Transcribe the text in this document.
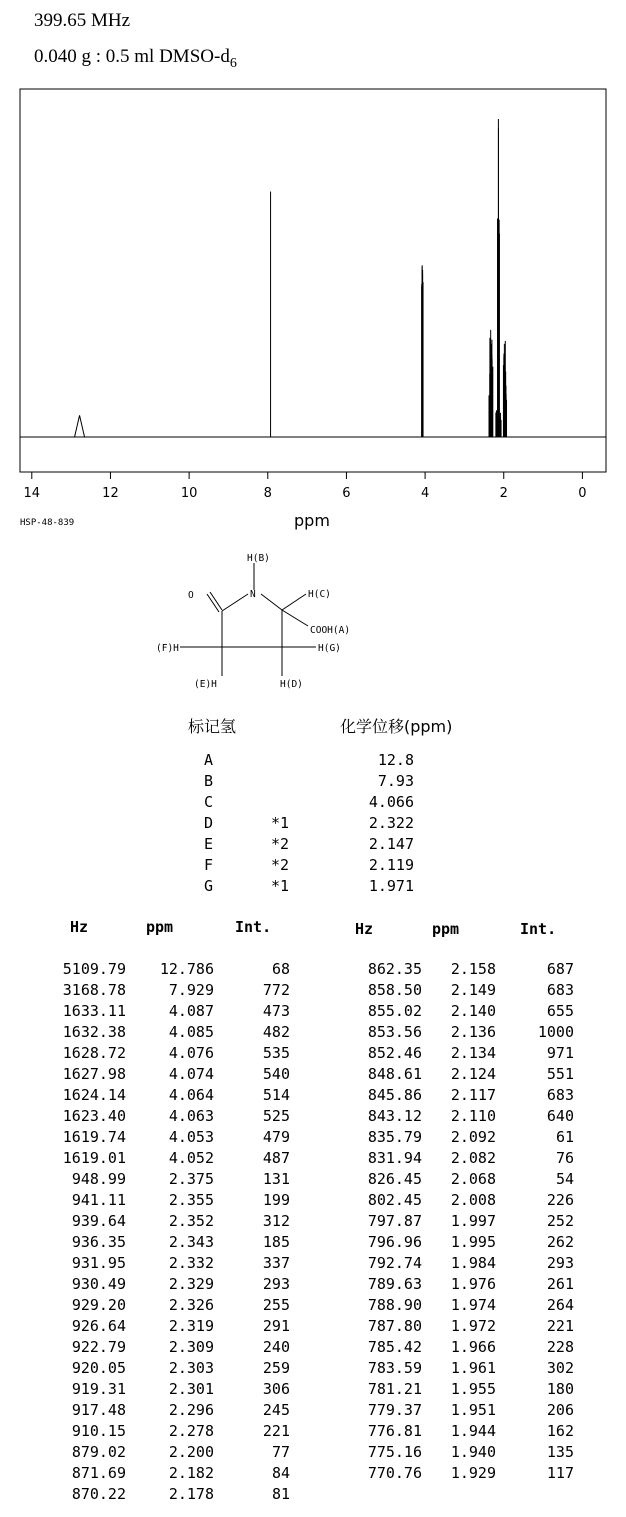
399.65 MHz
0.040 g : 0.5 ml DMSO-$d_6$
14	12	10	8	6	4	2	0
ppm
HSP-48-839
H(B)
O	N	H(C)
COOH(A)
(F)H	H(G)
(E)H	H(D)
标记氢	化学位移(ppm)
A	12.8
B	7.93
C	4.066
D	*1	2.322
E	*2	2.147
F	*2	2.119
G	*1	1.971
Hz	ppm	Int.	Hz	ppm	Int.
5109.79	12.786	68
3168.78	7.929	772
1633.11	4.087	473
1632.38	4.085	482
1628.72	4.076	535
1627.98	4.074	540
1624.14	4.064	514
1623.40	4.063	525
1619.74	4.053	479
1619.01	4.052	487
948.99	2.375	131
941.11	2.355	199
939.64	2.352	312
936.35	2.343	185
931.95	2.332	337
930.49	2.329	293
929.20	2.326	255
926.64	2.319	291
922.79	2.309	240
920.05	2.303	259
919.31	2.301	306
917.48	2.296	245
910.15	2.278	221
879.02	2.200	77
871.69	2.182	84
870.22	2.178	81
862.35	2.158	687
858.50	2.149	683
855.02	2.140	655
853.56	2.136	1000
852.46	2.134	971
848.61	2.124	551
845.86	2.117	683
843.12	2.110	640
835.79	2.092	61
831.94	2.082	76
826.45	2.068	54
802.45	2.008	226
797.87	1.997	252
796.96	1.995	262
792.74	1.984	293
789.63	1.976	261
788.90	1.974	264
787.80	1.972	221
785.42	1.966	228
783.59	1.961	302
781.21	1.955	180
779.37	1.951	206
776.81	1.944	162
775.16	1.940	135
770.76	1.929	117
